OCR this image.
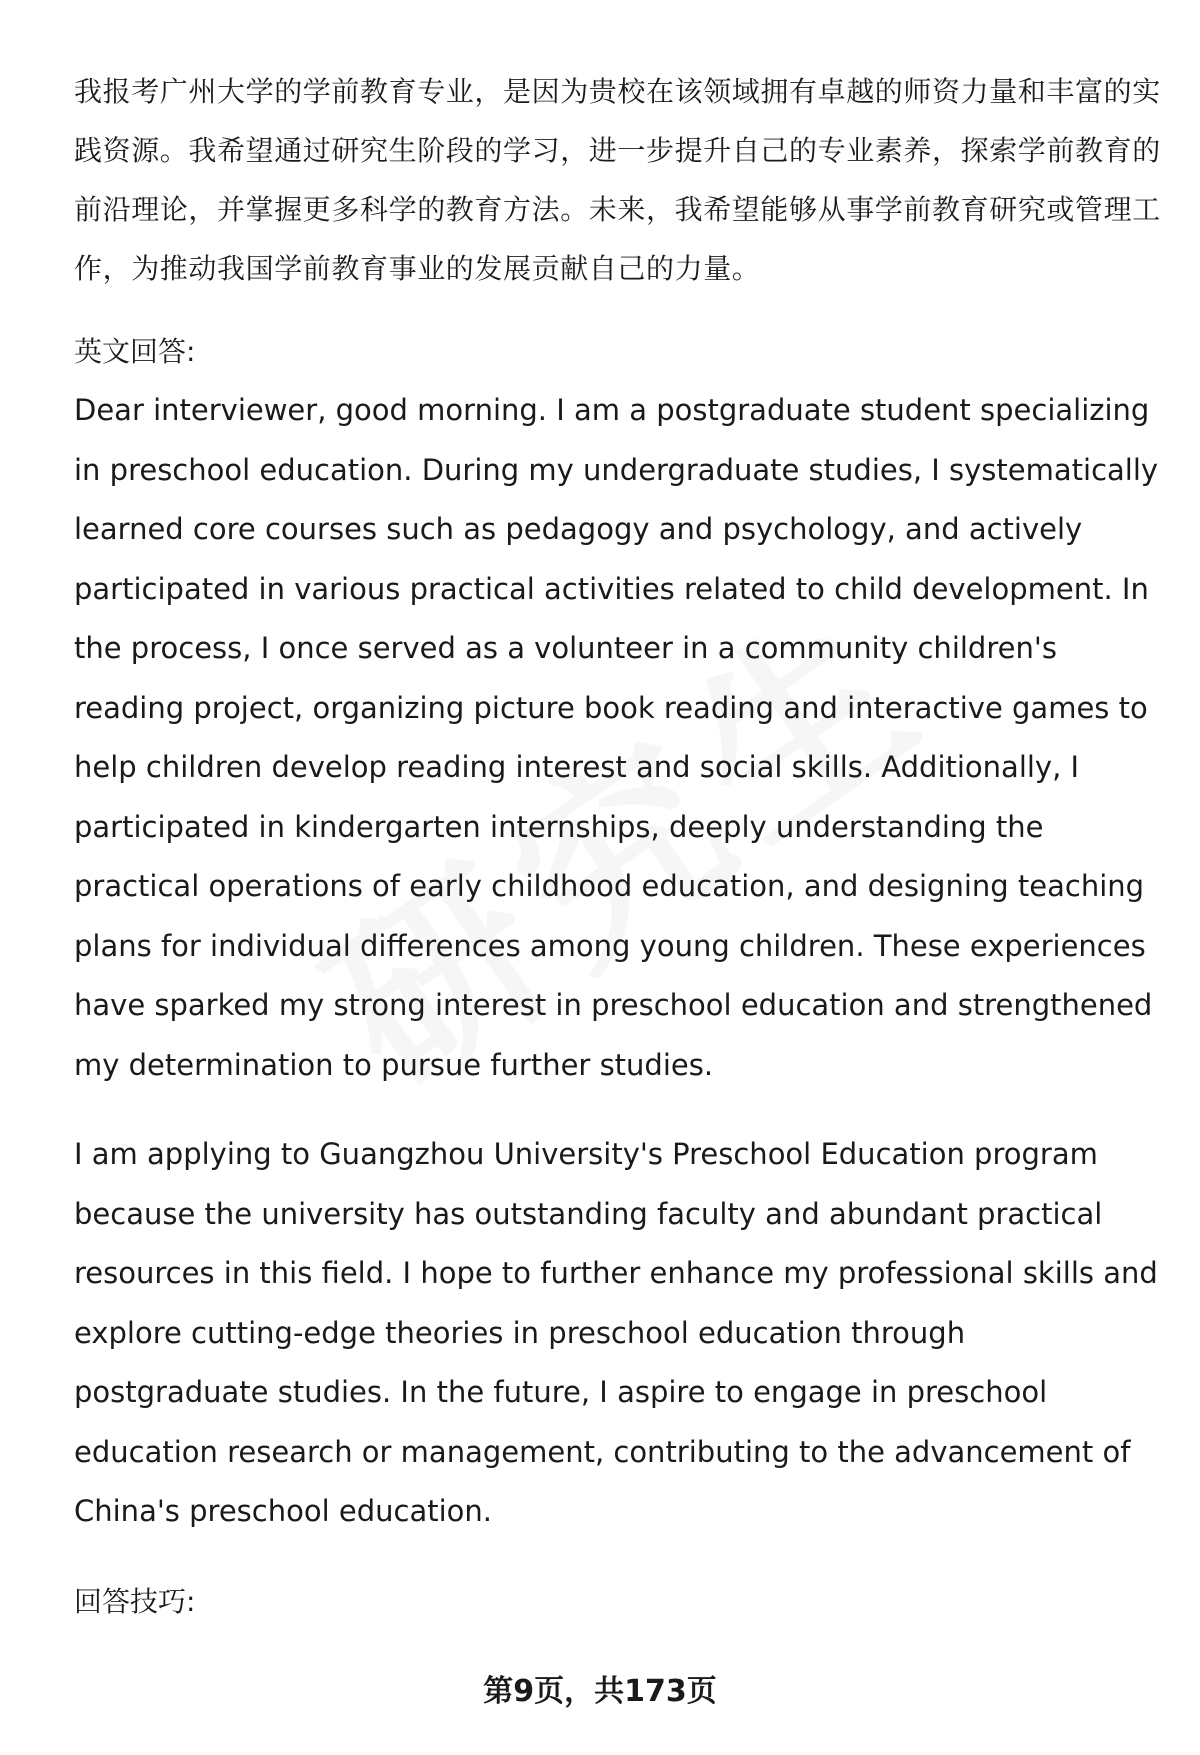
我报考广州大学的学前教育专业，是因为贵校在该领域拥有卓越的师资力量和丰富的实践资源。我希望通过研究生阶段的学习，进一步提升自己的专业素养，探索学前教育的前沿理论，并掌握更多科学的教育方法。未来，我希望能够从事学前教育研究或管理工作，为推动我国学前教育事业的发展贡献自己的力量。

英文回答:

Dear interviewer, good morning. I am a postgraduate student specializing in preschool education. During my undergraduate studies, I systematically learned core courses such as pedagogy and psychology, and actively participated in various practical activities related to child development. In the process, I once served as a volunteer in a community children's reading project, organizing picture book reading and interactive games to help children develop reading interest and social skills. Additionally, I participated in kindergarten internships, deeply understanding the practical operations of early childhood education, and designing teaching plans for individual differences among young children. These experiences have sparked my strong interest in preschool education and strengthened my determination to pursue further studies.

I am applying to Guangzhou University's Preschool Education program because the university has outstanding faculty and abundant practical resources in this field. I hope to further enhance my professional skills and explore cutting-edge theories in preschool education through postgraduate studies. In the future, I aspire to engage in preschool education research or management, contributing to the advancement of China's preschool education.

回答技巧:

第9页，共173页
